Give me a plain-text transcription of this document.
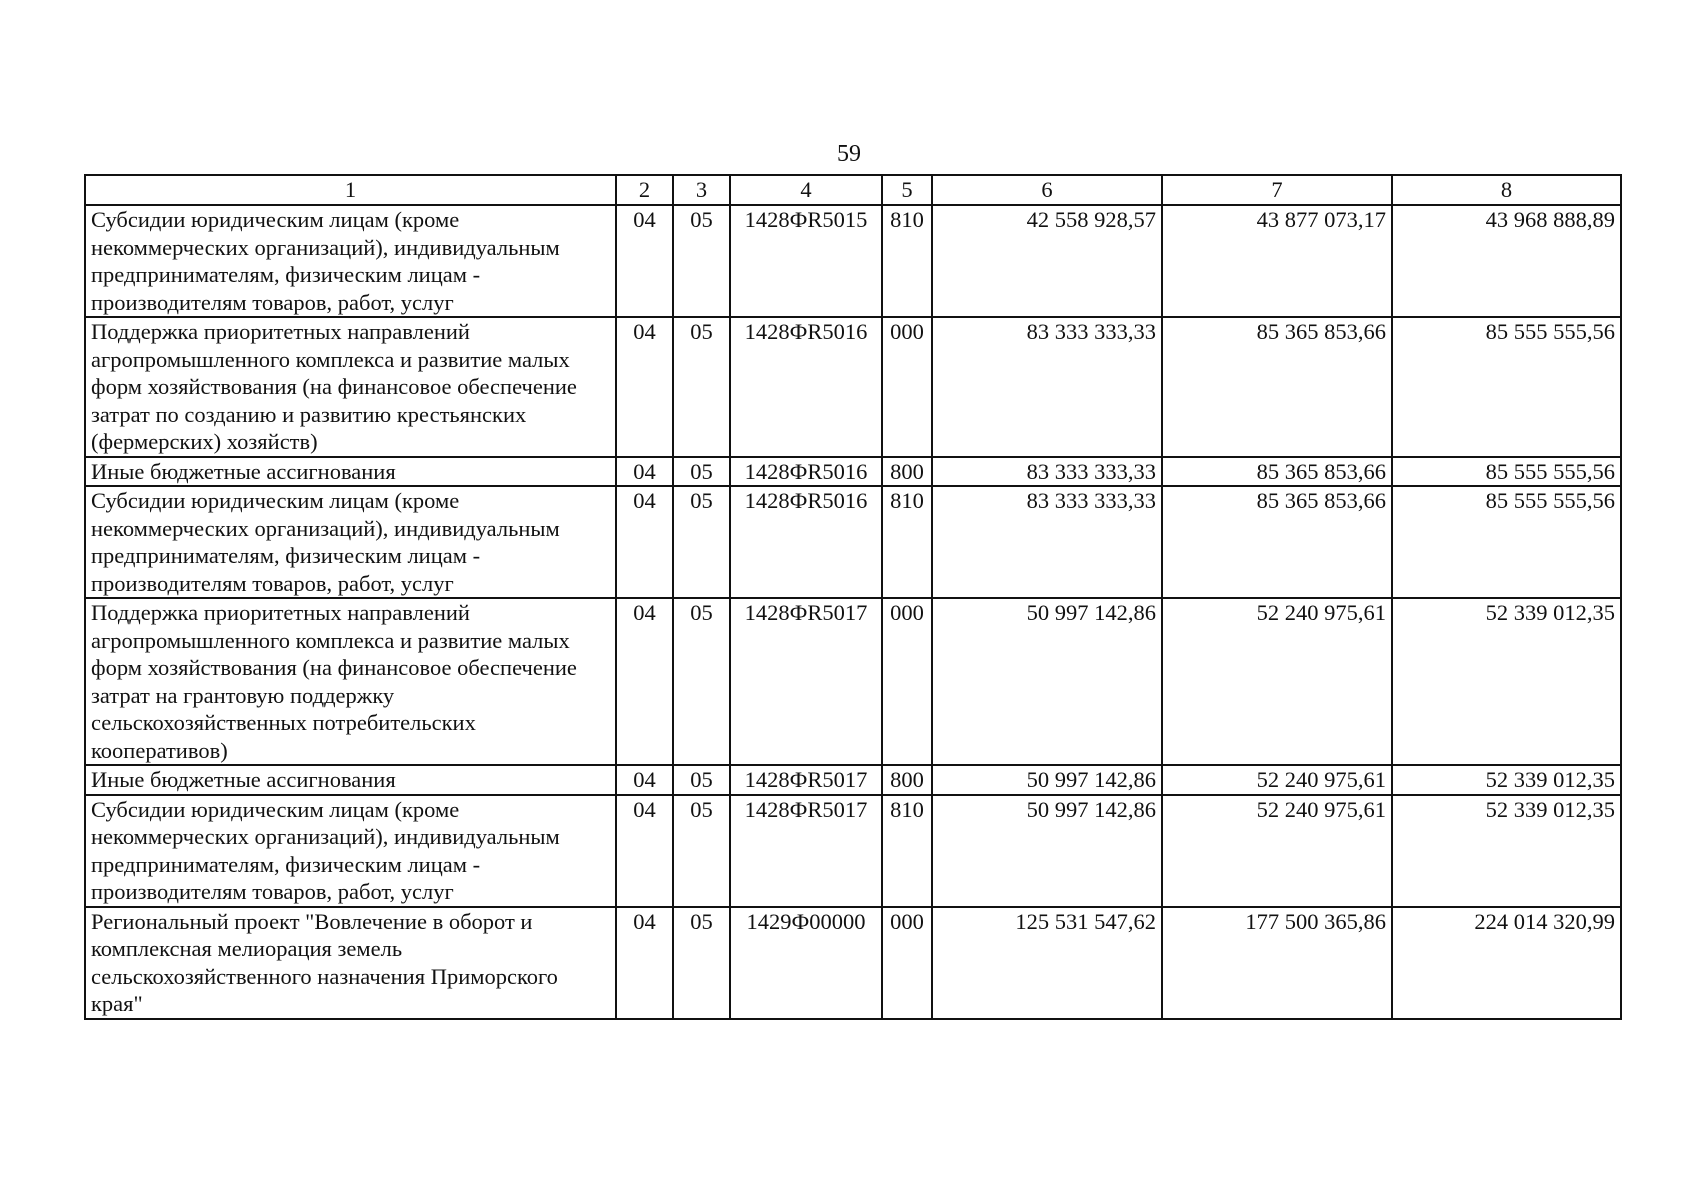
59
1	2	3	4	5	6	7	8
Субсидии юридическим лицам (кроме некоммерческих организаций), индивидуальным предпринимателям, физическим лицам - производителям товаров, работ, услуг	04	05	1428ФR5015	810	42 558 928,57	43 877 073,17	43 968 888,89
Поддержка приоритетных направлений агропромышленного комплекса и развитие малых форм хозяйствования (на финансовое обеспечение затрат по созданию и развитию крестьянских (фермерских) хозяйств)	04	05	1428ФR5016	000	83 333 333,33	85 365 853,66	85 555 555,56
Иные бюджетные ассигнования	04	05	1428ФR5016	800	83 333 333,33	85 365 853,66	85 555 555,56
Субсидии юридическим лицам (кроме некоммерческих организаций), индивидуальным предпринимателям, физическим лицам - производителям товаров, работ, услуг	04	05	1428ФR5016	810	83 333 333,33	85 365 853,66	85 555 555,56
Поддержка приоритетных направлений агропромышленного комплекса и развитие малых форм хозяйствования (на финансовое обеспечение затрат на грантовую поддержку сельскохозяйственных потребительских кооперативов)	04	05	1428ФR5017	000	50 997 142,86	52 240 975,61	52 339 012,35
Иные бюджетные ассигнования	04	05	1428ФR5017	800	50 997 142,86	52 240 975,61	52 339 012,35
Субсидии юридическим лицам (кроме некоммерческих организаций), индивидуальным предпринимателям, физическим лицам - производителям товаров, работ, услуг	04	05	1428ФR5017	810	50 997 142,86	52 240 975,61	52 339 012,35
Региональный проект "Вовлечение в оборот и комплексная мелиорация земель сельскохозяйственного назначения Приморского края"	04	05	1429Ф00000	000	125 531 547,62	177 500 365,86	224 014 320,99
